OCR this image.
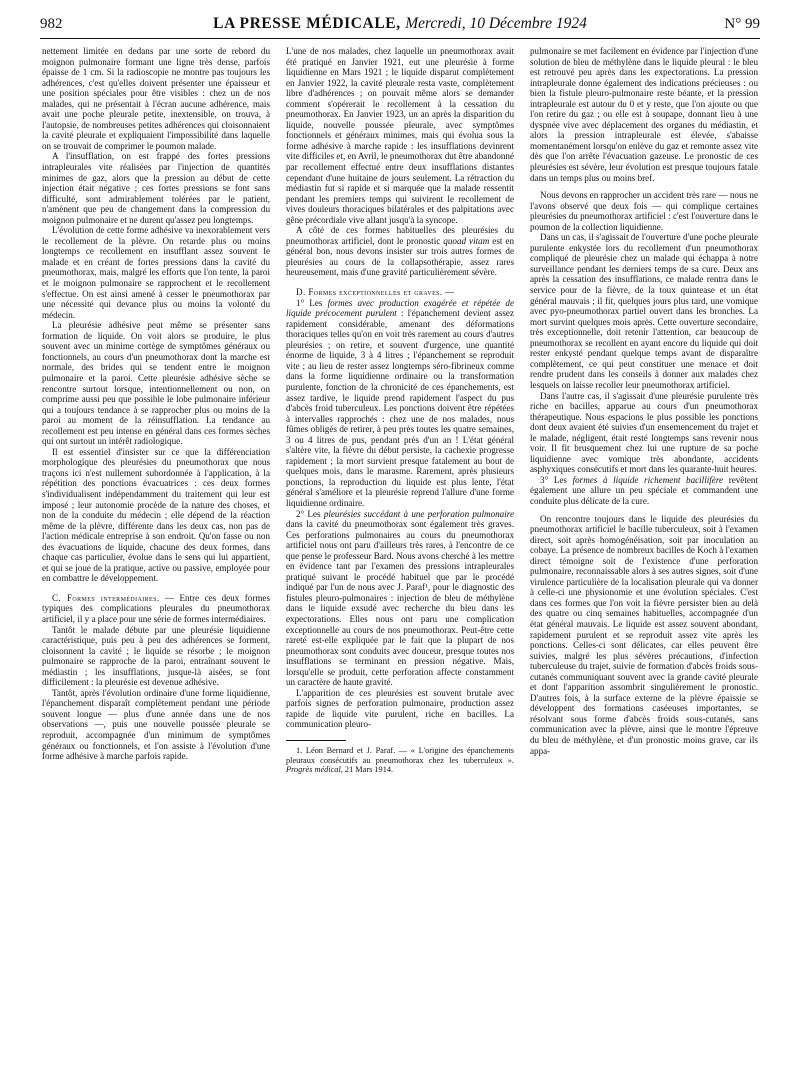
982	LA PRESSE MÉDICALE, Mercredi, 10 Décembre 1924	N° 99

nettement limitée en dedans par une sorte de rebord du moignon pulmonaire formant une ligne très dense, parfois épaisse de 1 cm. Si la radioscopie ne montre pas toujours les adhérences, c'est qu'elles doivent présenter une épaisseur et une position spéciales pour être visibles : chez un de nos malades, qui ne présentait à l'écran aucune adhérence, mais avait une poche pleurale petite, inextensible, on trouva, à l'autopsie, de nombreuses petites adhérences qui cloisonnaient la cavité pleurale et expliquaient l'impossibilité dans laquelle on se trouvait de comprimer le poumon malade.

A l'insufflation, on est frappé des fortes pressions intrapleurales vite réalisées par l'injection de quantités minimes de gaz, alors que la pression au début de cette injection était négative ; ces fortes pressions se font sans difficulté, sont admirablement tolérées par le patient, n'amènent que peu de changement dans la compression du moignon pulmonaire et ne durent qu'assez peu longtemps.

L'évolution de cette forme adhésive va inexorablement vers le recollement de la plèvre. On retarde plus ou moins longtemps ce recollement en insufflant assez souvent le malade et en créant de fortes pressions dans la cavité du pneumothorax, mais, malgré les efforts que l'on tente, la paroi et le moignon pulmonaire se rapprochent et le recollement s'effectue. On est ainsi amené à cesser le pneumothorax par une nécessité qui devance plus ou moins la volonté du médecin.

La pleurésie adhésive peut même se présenter sans formation de liquide. On voit alors se produire, le plus souvent avec un minime cortège de symptômes généraux ou fonctionnels, au cours d'un pneumothorax dont la marche est normale, des brides qui se tendent entre le moignon pulmonaire et la paroi. Cette pleurésie adhésive sèche se rencontre surtout lorsque, intentionnellement ou non, on comprime aussi peu que possible le lobe pulmonaire inférieur qui a toujours tendance à se rapprocher plus ou moins de la paroi au moment de la réinsufflation. La tendance au recollement est peu intense en général dans ces formes sèches qui ont surtout un intérêt radiologique.

Il est essentiel d'insister sur ce que la différenciation morphologique des pleurésies du pneumothorax que nous traçons ici n'est nullement subordonnée à l'application, à la répétition des ponctions évacuatrices : ces deux formes s'individualisent indépendamment du traitement qui leur est imposé ; leur autonomie procède de la nature des choses, et non de la conduite du médecin ; elle dépend de la réaction même de la plèvre, différente dans les deux cas, non pas de l'action médicale entreprise à son endroit. Qu'on fasse ou non des évacuations de liquide, chacune des deux formes, dans chaque cas particulier, évolue dans le sens qui lui appartient, et qui se joue de la pratique, active ou passive, employée pour en combattre le développement.

C. Formes intermédiaires. — Entre ces deux formes typiques des complications pleurales du pneumothorax artificiel, il y a place pour une série de formes intermédiaires.

Tantôt le malade débute par une pleurésie liquidienne caractéristique, puis peu à peu des adhérences se forment, cloisonnent la cavité ; le liquide se résorbe ; le moignon pulmonaire se rapproche de la paroi, entraînant souvent le médiastin ; les insufflations, jusque-là aisées, se font difficilement : la pleurésie est devenue adhésive.

Tantôt, après l'évolution ordinaire d'une forme liquidienne, l'épanchement disparaît complètement pendant une période souvent longue — plus d'une année dans une de nos observations —, puis une nouvelle poussée pleurale se reproduit, accompagnée d'un minimum de symptômes généraux ou fonctionnels, et l'on assiste à l'évolution d'une forme adhésive à marche parfois rapide.

L'une de nos malades, chez laquelle un pneumothorax avait été pratiqué en Janvier 1921, eut une pleurésie à forme liquidienne en Mars 1921 ; le liquide disparut complètement en Janvier 1922, la cavité pleurale resta vaste, complètement libre d'adhérences ; on pouvait même alors se demander comment s'opérerait le recollement à la cessation du pneumothorax. En Janvier 1923, un an après la disparition du liquide, nouvelle poussée pleurale, avec symptômes fonctionnels et généraux minimes, mais qui évolua sous la forme adhésive à marche rapide : les insufflations devinrent vite difficiles et, en Avril, le pneumothorax dut être abandonné par recollement effectué entre deux insufflations distantes cependant d'une huitaine de jours seulement. La rétraction du médiastin fut si rapide et si marquée que la malade ressentit pendant les premiers temps qui suivirent le recollement de vives douleurs thoraciques bilatérales et des palpitations avec gêne précordiale vive allant jusqu'à la syncope.

A côté de ces formes habituelles des pleurésies du pneumothorax artificiel, dont le pronostic quoad vitam est en général bon, nous devons insister sur trois autres formes de pleurésies au cours de la collapsothérapie, assez rares heureusement, mais d'une gravité particulièrement sévère.

D. Formes exceptionnelles et graves. —

1° Les formes avec production exagérée et répétée de liquide précocement purulent : l'épanchement devient assez rapidement considérable, amenant des déformations thoraciques telles qu'on en voit très rarement au cours d'autres pleurésies ; on retire, et souvent d'urgence, une quantité énorme de liquide, 3 à 4 litres ; l'épanchement se reproduit vite ; au lieu de rester assez longtemps séro-fibrineux comme dans la forme liquidienne ordinaire ou la transformation purulente, fonction de la chronicité de ces épanchements, est assez tardive, le liquide prend rapidement l'aspect du pus d'abcès froid tuberculeux. Les ponctions doivent être répétées à intervalles rapprochés : chez une de nos malades, nous fûmes obligés de retirer, à peu près toutes les quatre semaines, 3 ou 4 litres de pus, pendant près d'un an ! L'état général s'altère vite, la fièvre du début persiste, la cachexie progresse rapidement ; la mort survient presque fatalement au bout de quelques mois, dans le marasme. Rarement, après plusieurs ponctions, la reproduction du liquide est plus lente, l'état général s'améliore et la pleurésie reprend l'allure d'une forme liquidienne ordinaire.

2° Les pleurésies succédant à une perforation pulmonaire dans la cavité du pneumothorax sont également très graves. Ces perforations pulmonaires au cours du pneumothorax artificiel nous ont paru d'ailleurs très rares, à l'encontre de ce que pense le professeur Bard. Nous avons cherché à les mettre en évidence tant par l'examen des pressions intrapleurales pratiqué suivant le procédé habituel que par le procédé indiqué par l'un de nous avec J. Paraf¹, pour le diagnostic des fistules pleuro-pulmonaires : injection de bleu de méthylène dans le liquide exsudé avec recherche du bleu dans les expectorations. Elles nous ont paru une complication exceptionnelle au cours de nos pneumothorax. Peut-être cette rareté est-elle expliquée par le fait que la plupart de nos pneumothorax sont conduits avec douceur, presque toutes nos insufflations se terminant en pression négative. Mais, lorsqu'elle se produit, cette perforation affecte constamment un caractère de haute gravité.

L'apparition de ces pleurésies est souvent brutale avec parfois signes de perforation pulmonaire, production assez rapide de liquide vite purulent, riche en bacilles. La communication pleuro-

1. Léon Bernard et J. Paraf. — « L'origine des épanchements pleuraux consécutifs au pneumothorax chez les tuberculeux ». Progrès médical, 21 Mars 1914.

pulmonaire se met facilement en évidence par l'injection d'une solution de bleu de méthylène dans le liquide pleural : le bleu est retrouvé peu après dans les expectorations. La pression intrapleurale donne également des indications précieuses : ou bien la fistule pleuro-pulmonaire reste béante, et la pression intrapleurale est autour du 0 et y reste, que l'on ajoute ou que l'on retire du gaz ; ou elle est à soupape, donnant lieu à une dyspnée vive avec déplacement des organes du médiastin, et alors la pression intrapleurale est élevée, s'abaisse momentanément lorsqu'on enlève du gaz et remonte assez vite dès que l'on arrête l'évacuation gazeuse. Le pronostic de ces pleurésies est sévère, leur évolution est presque toujours fatale dans un temps plus ou moins bref.

Nous devons en rapprocher un accident très rare — nous ne l'avons observé que deux fois — qui complique certaines pleurésies du pneumothorax artificiel : c'est l'ouverture dans le poumon de la collection liquidienne.

Dans un cas, il s'agissait de l'ouverture d'une poche pleurale purulente enkystée lors du recollement d'un pneumothorax compliqué de pleurésie chez un malade qui échappa à notre surveillance pendant les derniers temps de sa cure. Deux ans après la cessation des insufflations, ce malade rentra dans le service pour de la fièvre, de la toux quintease et un état général mauvais ; il fit, quelques jours plus tard, une vomique avec pyo-pneumothorax partiel ouvert dans les bronches. La mort survint quelques mois après. Cette ouverture secondaire, très exceptionnelle, doit retenir l'attention, car beaucoup de pneumothorax se recollent en ayant encore du liquide qui doit rester enkysté pendant quelque temps avant de disparaître complètement, ce qui peut constituer une menace et doit rendre prudent dans les conseils à donner aux malades chez lesquels on laisse recoller leur pneumothorax artificiel.

Dans l'autre cas, il s'agissait d'une pleurésie purulente très riche en bacilles, apparue au cours d'un pneumothorax thérapeutique. Nous espacions le plus possible les ponctions dont deux avaient été suivies d'un ensemencement du trajet et le malade, négligent, était resté longtemps sans revenir nous voir. Il fit brusquement chez lui une rupture de sa poche liquidienne avec vomique très abondante, accidents asphyxiques consécutifs et mort dans les quarante-huit heures.

3° Les formes à liquide richement bacillifère revêtent également une allure un peu spéciale et commandent une conduite plus délicate de la cure.

On rencontre toujours dans le liquide des pleurésies du pneumothorax artificiel le bacille tuberculeux, soit à l'examen direct, soit après homogénéisation, soit par inoculation au cobaye. La présence de nombreux bacilles de Koch à l'examen direct témoigne soit de l'existence d'une perforation pulmonaire, reconnaissable alors à ses autres signes, soit d'une virulence particulière de la localisation pleurale qui va donner à celle-ci une physionomie et une évolution spéciales. C'est dans ces formes que l'on voit la fièvre persister bien au delà des quatre ou cinq semaines habituelles, accompagnée d'un état général mauvais. Le liquide est assez souvent abondant, rapidement purulent et se reproduit assez vite après les ponctions. Celles-ci sont délicates, car elles peuvent être suivies, malgré les plus sévères précautions, d'infection tuberculeuse du trajet, suivie de formation d'abcès froids sous-cutanés communiquant souvent avec la grande cavité pleurale et dont l'apparition assombrit singulièrement le pronostic. D'autres fois, à la surface externe de la plèvre épaissie se développent des formations caséeuses importantes, se résolvant sous forme d'abcès froids sous-cutanés, sans communication avec la plèvre, ainsi que le montre l'épreuve du bleu de méthylène, et d'un pronostic moins grave, car ils appa-
